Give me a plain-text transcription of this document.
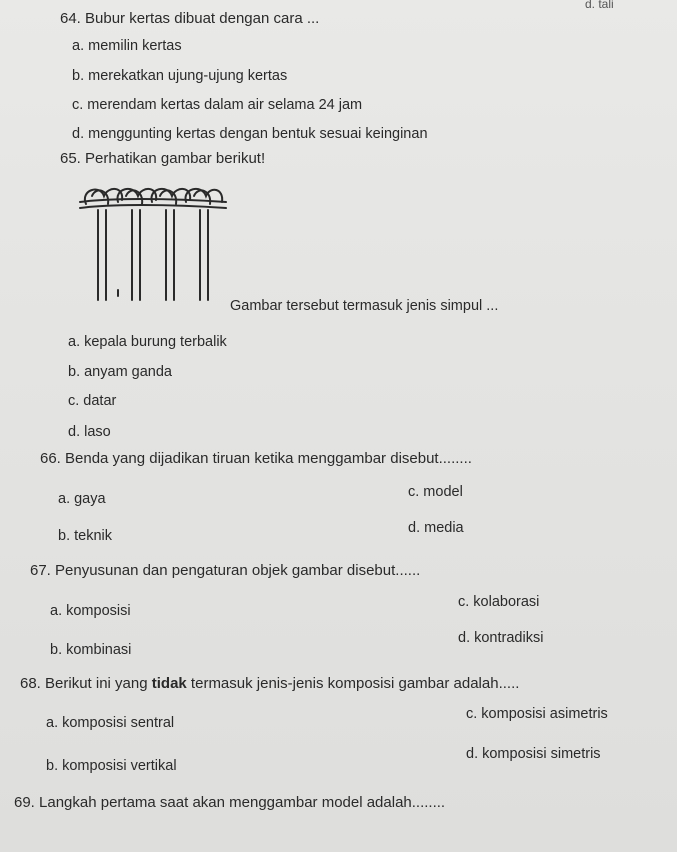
d. tali
64. Bubur kertas dibuat dengan cara ...
a. memilin kertas
b. merekatkan ujung-ujung kertas
c. merendam kertas dalam air selama 24 jam
d. menggunting kertas dengan bentuk sesuai keinginan
65. Perhatikan gambar berikut!
Gambar tersebut termasuk jenis simpul ...
a. kepala burung terbalik
b. anyam ganda
c. datar
d. laso
66. Benda yang dijadikan tiruan ketika menggambar disebut........
a. gaya
b. teknik
c. model
d. media
67. Penyusunan dan pengaturan objek gambar disebut......
a. komposisi
b. kombinasi
c. kolaborasi
d. kontradiksi
68. Berikut ini yang tidak termasuk jenis-jenis komposisi gambar adalah.....
a. komposisi sentral
b. komposisi vertikal
c. komposisi asimetris
d. komposisi simetris
69. Langkah pertama saat akan menggambar model adalah........
